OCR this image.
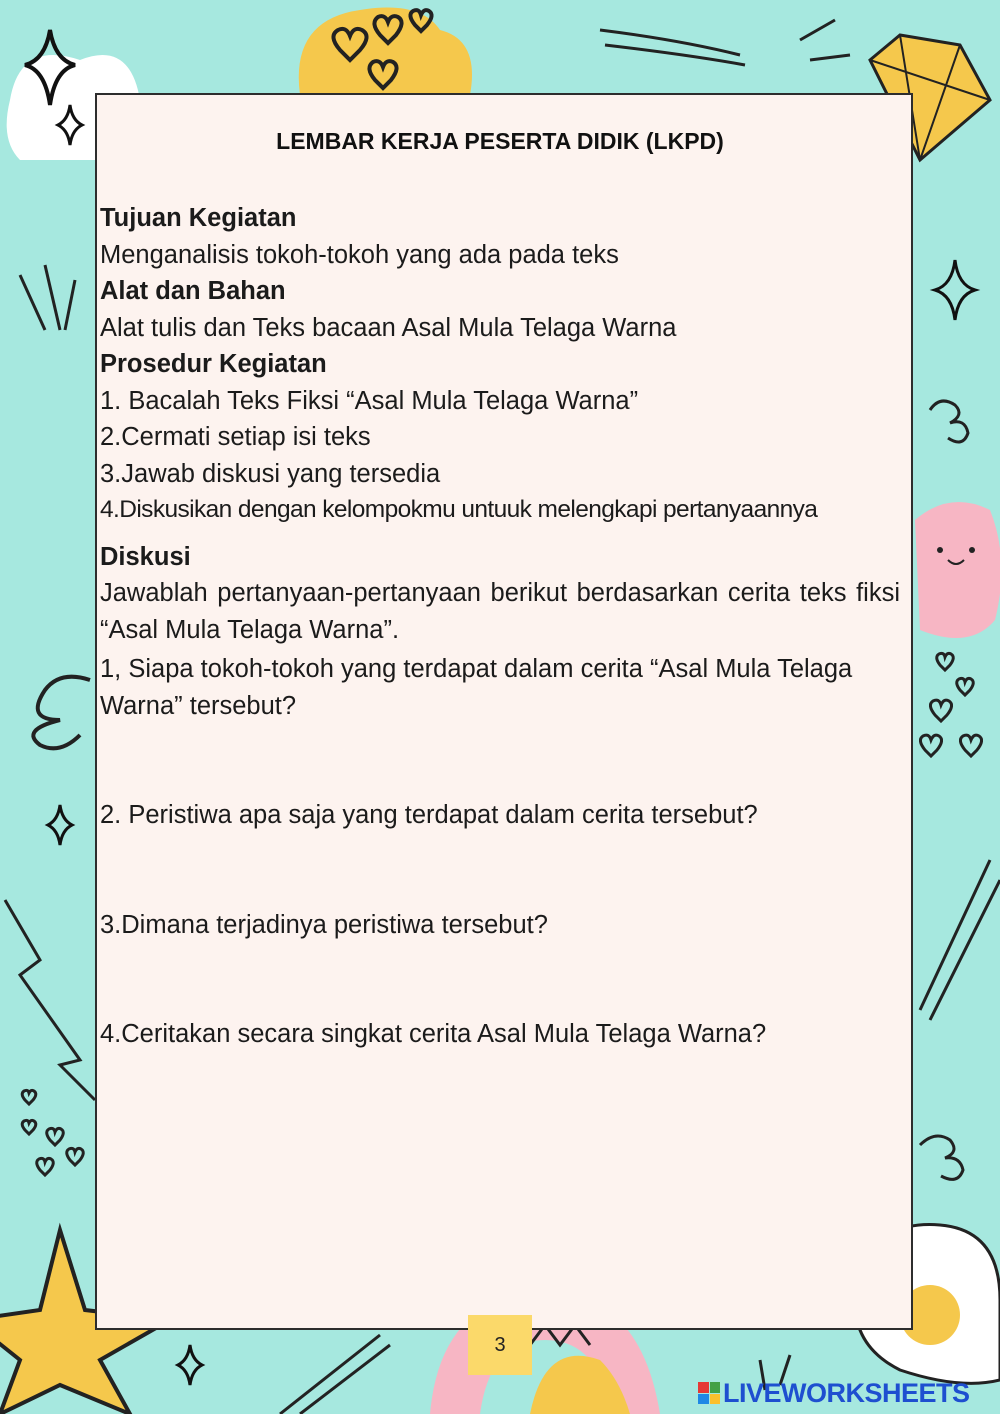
LEMBAR KERJA PESERTA DIDIK (LKPD)
Tujuan Kegiatan
Menganalisis tokoh-tokoh yang ada pada teks
Alat dan Bahan
Alat tulis dan Teks bacaan Asal Mula Telaga Warna
Prosedur Kegiatan
1. Bacalah Teks Fiksi “Asal Mula Telaga Warna”
2.Cermati setiap isi teks
3.Jawab diskusi yang tersedia
4.Diskusikan dengan kelompokmu untuuk melengkapi pertanyaannya
Diskusi
Jawablah pertanyaan-pertanyaan berikut berdasarkan cerita teks fiksi “Asal Mula Telaga Warna”.
1, Siapa tokoh-tokoh yang terdapat dalam cerita “Asal Mula Telaga Warna” tersebut?
2. Peristiwa apa saja yang terdapat dalam cerita tersebut?
3.Dimana terjadinya peristiwa tersebut?
4.Ceritakan secara singkat cerita Asal Mula Telaga Warna?
3
LIVEWORKSHEETS
